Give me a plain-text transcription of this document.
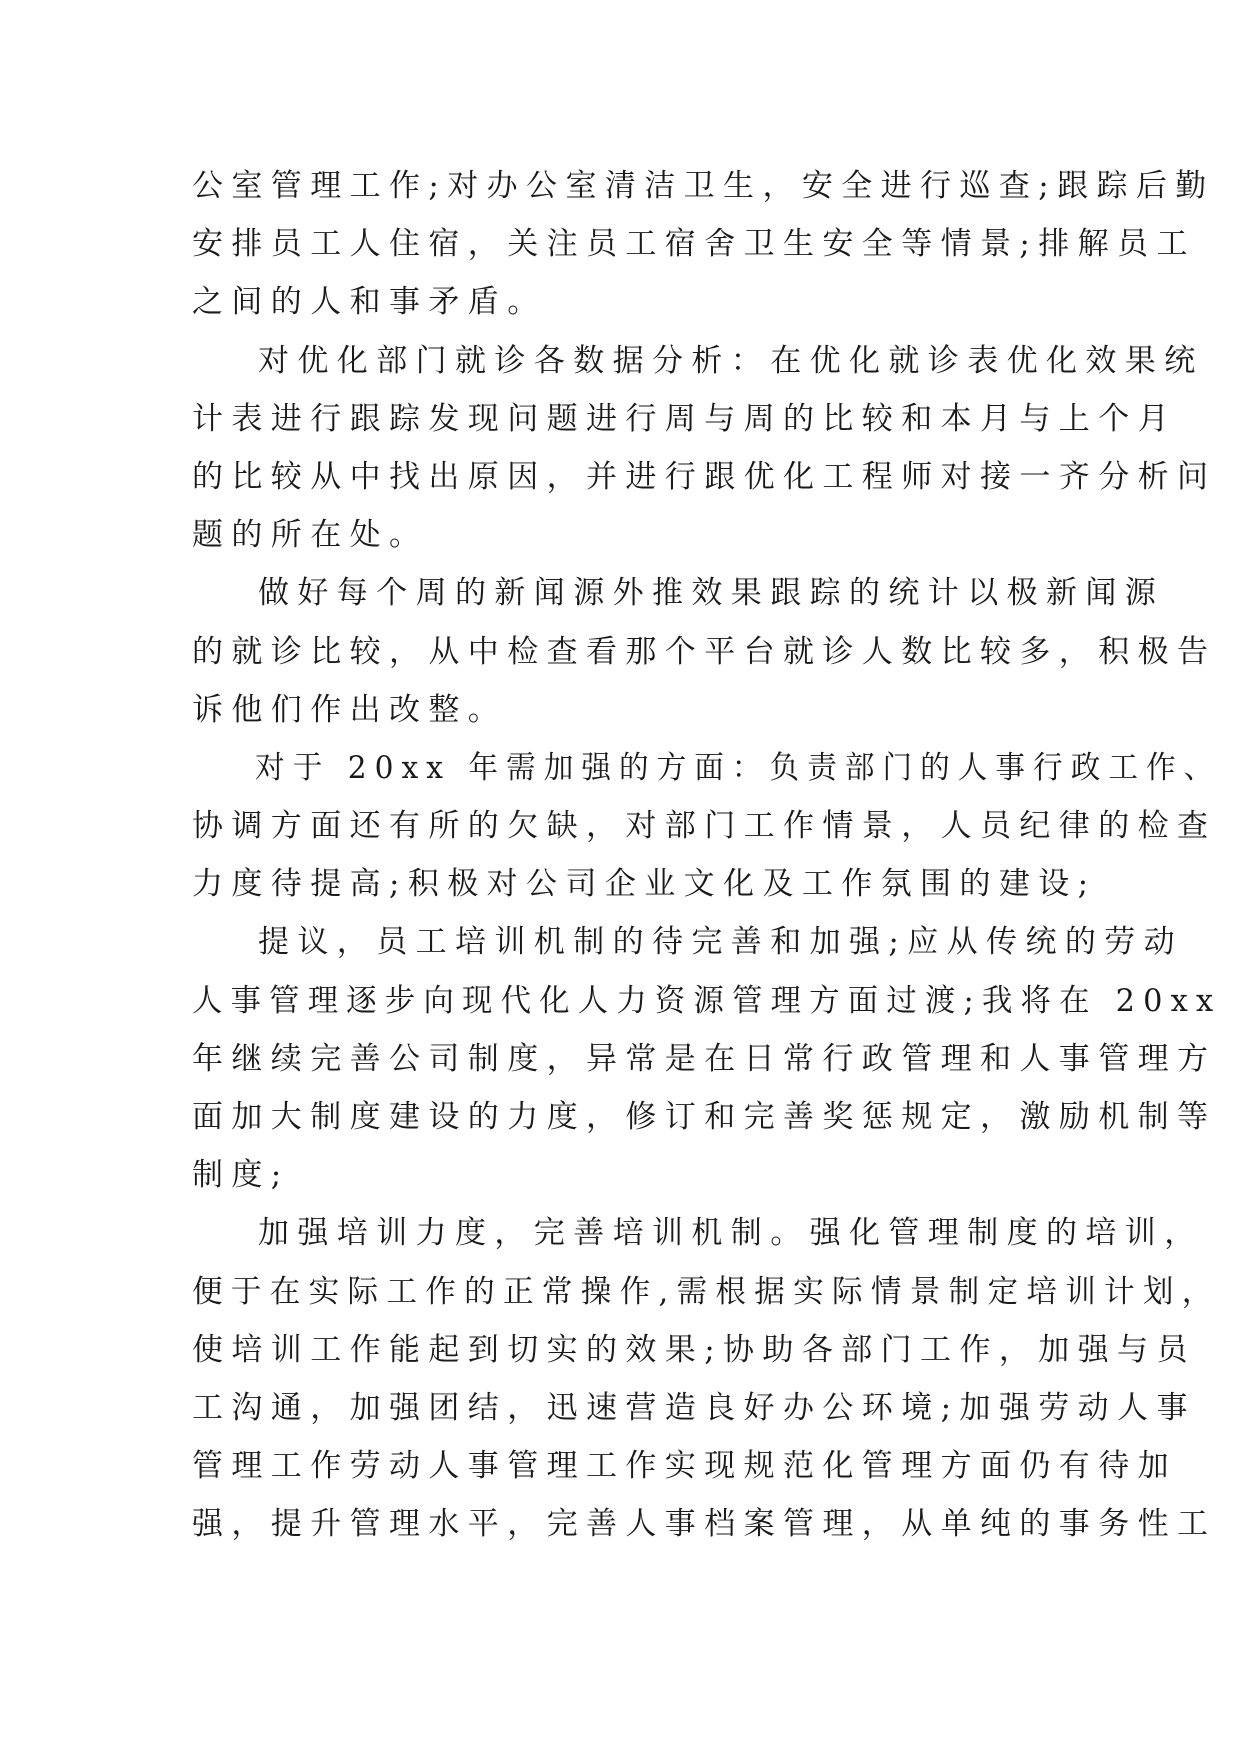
公室管理工作;对办公室清洁卫生，安全进行巡查;跟踪后勤
安排员工人住宿，关注员工宿舍卫生安全等情景;排解员工
之间的人和事矛盾。
对优化部门就诊各数据分析：在优化就诊表优化效果统
计表进行跟踪发现问题进行周与周的比较和本月与上个月
的比较从中找出原因，并进行跟优化工程师对接一齐分析问
题的所在处。
做好每个周的新闻源外推效果跟踪的统计以极新闻源
的就诊比较，从中检查看那个平台就诊人数比较多，积极告
诉他们作出改整。
对于 20xx 年需加强的方面：负责部门的人事行政工作、
协调方面还有所的欠缺，对部门工作情景，人员纪律的检查
力度待提高;积极对公司企业文化及工作氛围的建设;
提议，员工培训机制的待完善和加强;应从传统的劳动
人事管理逐步向现代化人力资源管理方面过渡;我将在 20xx
年继续完善公司制度，异常是在日常行政管理和人事管理方
面加大制度建设的力度，修订和完善奖惩规定，激励机制等
制度;
加强培训力度，完善培训机制。强化管理制度的培训，
便于在实际工作的正常操作,需根据实际情景制定培训计划，
使培训工作能起到切实的效果;协助各部门工作，加强与员
工沟通，加强团结，迅速营造良好办公环境;加强劳动人事
管理工作劳动人事管理工作实现规范化管理方面仍有待加
强，提升管理水平，完善人事档案管理，从单纯的事务性工
